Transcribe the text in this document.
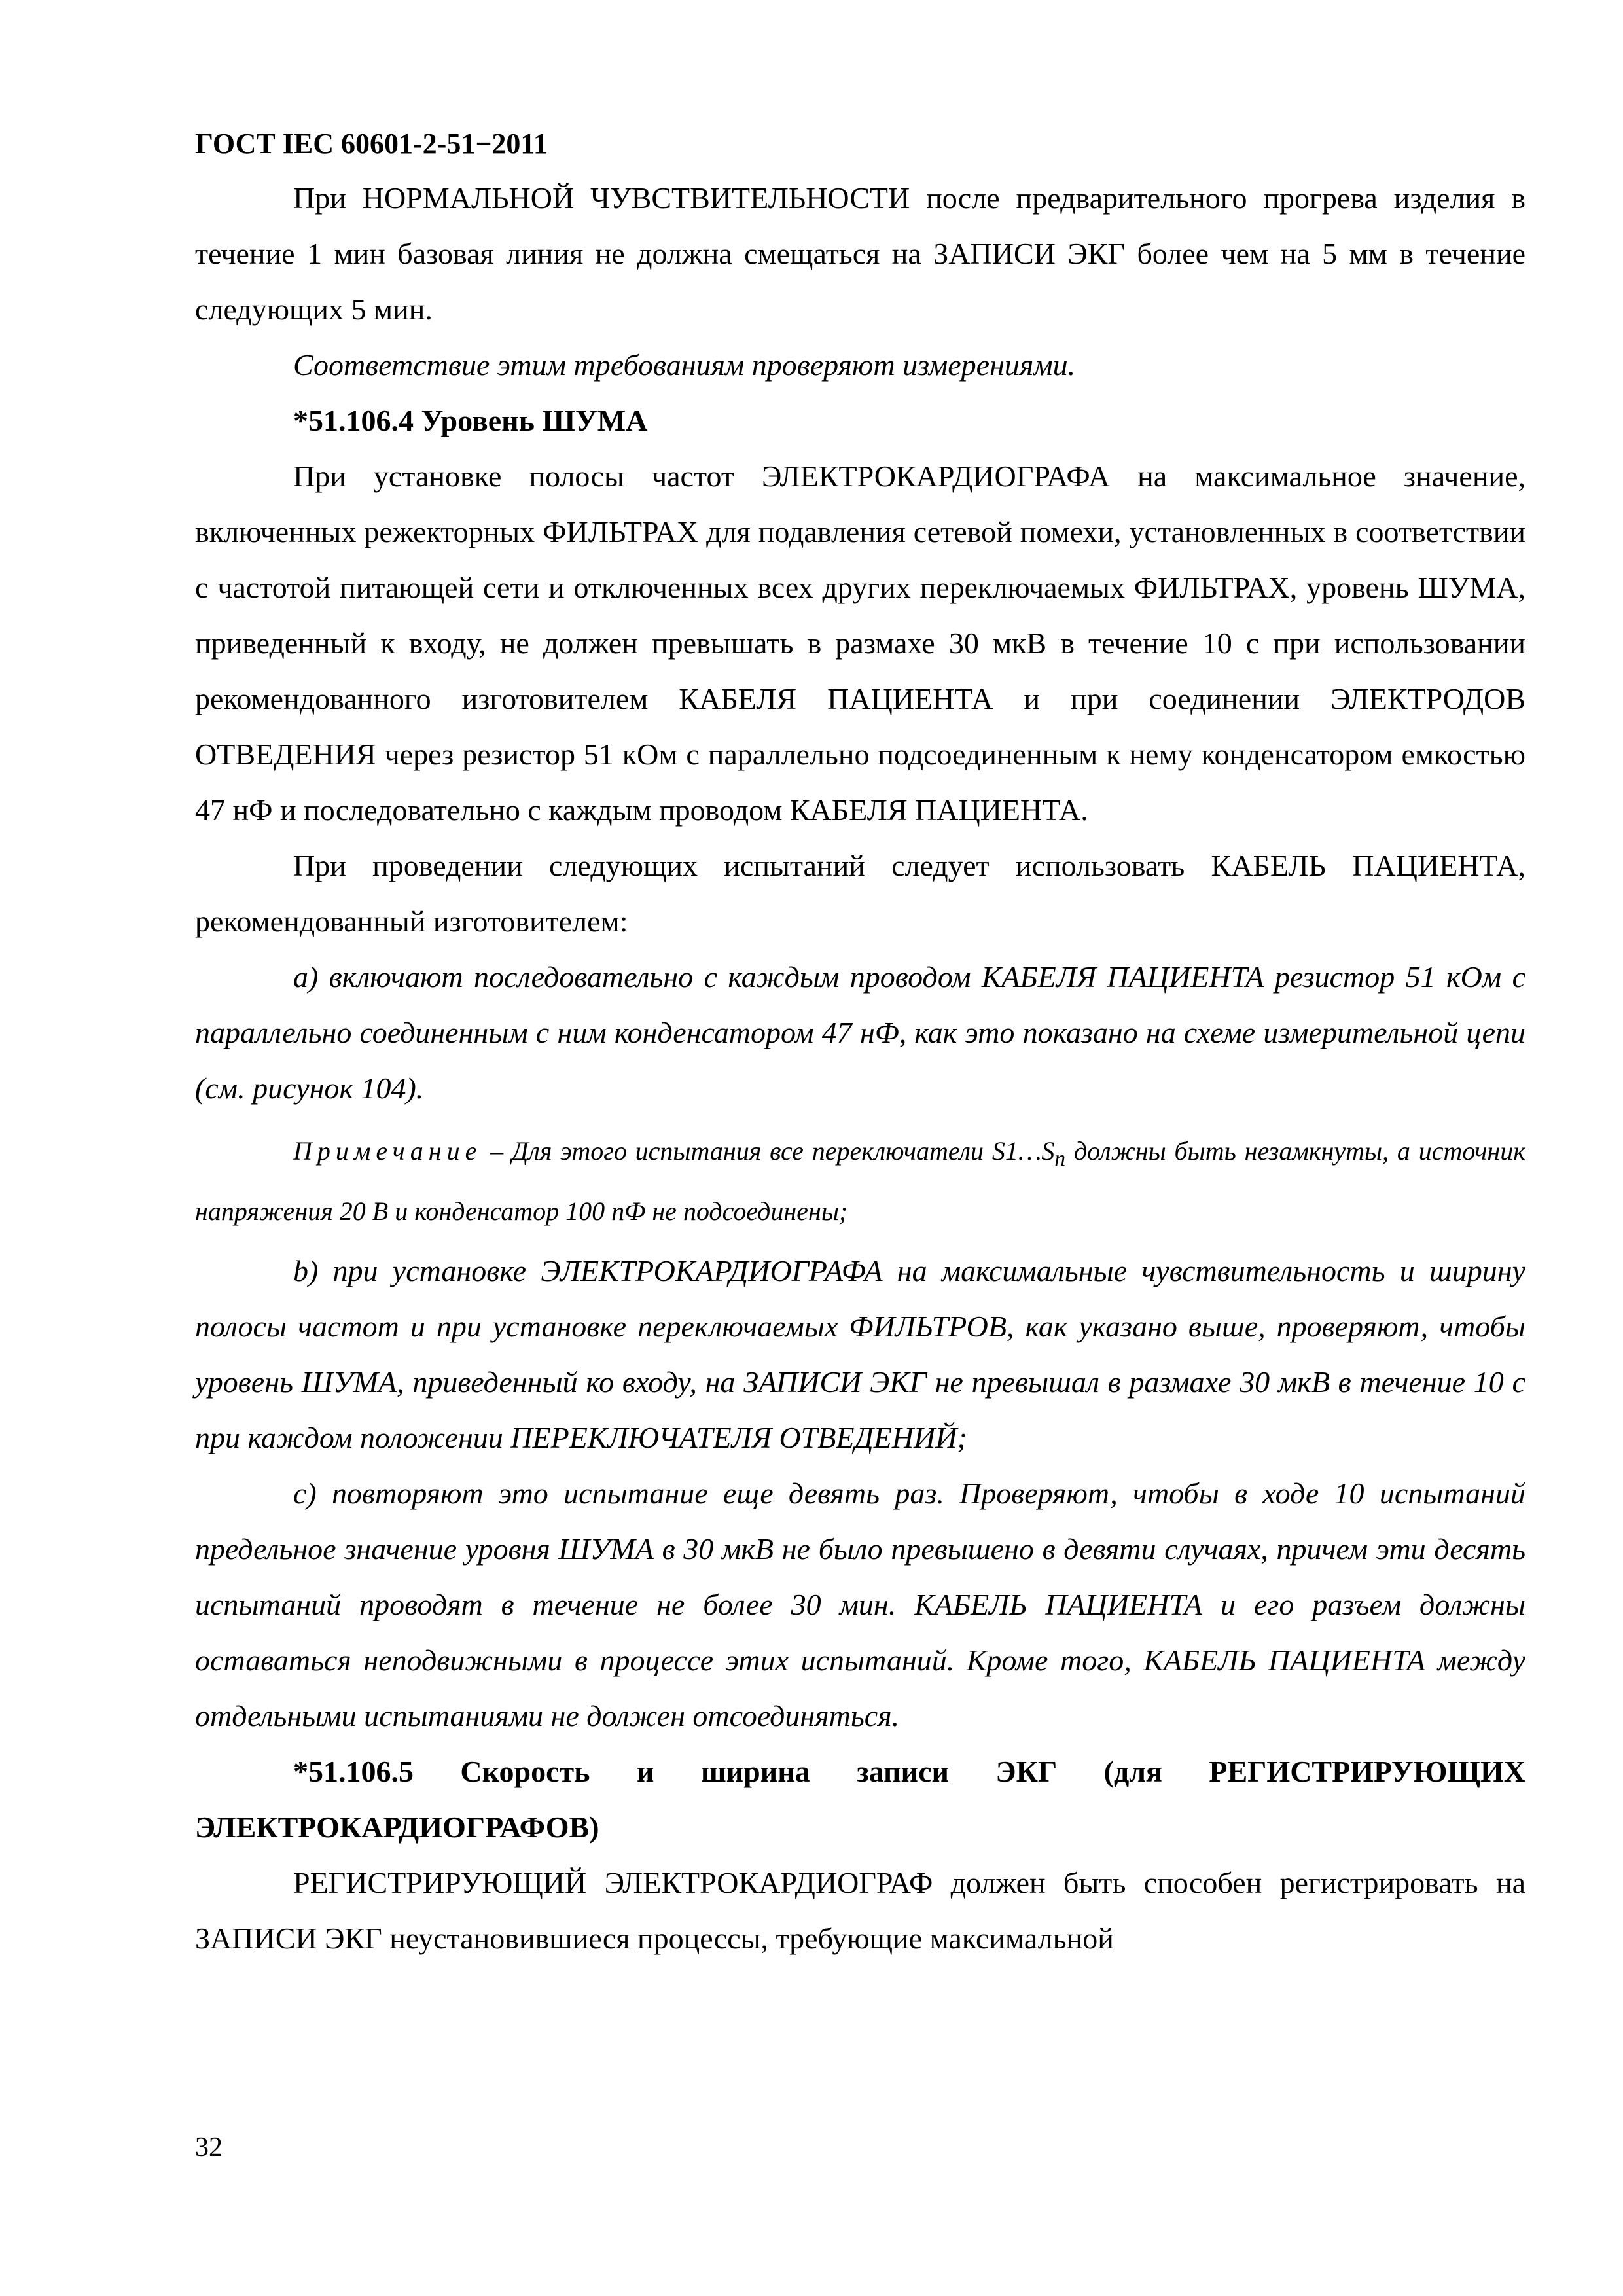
ГОСТ IEC 60601-2-51−2011

При НОРМАЛЬНОЙ ЧУВСТВИТЕЛЬНОСТИ после предварительного прогрева изделия в течение 1 мин базовая линия не должна смещаться на ЗАПИСИ ЭКГ более чем на 5 мм в течение следующих 5 мин.

Соответствие этим требованиям проверяют измерениями.

*51.106.4 Уровень ШУМА

При установке полосы частот ЭЛЕКТРОКАРДИОГРАФА на максимальное значение, включенных режекторных ФИЛЬТРАХ для подавления сетевой помехи, установленных в соответствии с частотой питающей сети и отключенных всех других переключаемых ФИЛЬТРАХ, уровень ШУМА, приведенный к входу, не должен превышать в размахе 30 мкВ в течение 10 с при использовании рекомендованного изготовителем КАБЕЛЯ ПАЦИЕНТА и при соединении ЭЛЕКТРОДОВ ОТВЕДЕНИЯ через резистор 51 кОм с параллельно подсоединенным к нему конденсатором емкостью 47 нФ и последовательно с каждым проводом КАБЕЛЯ ПАЦИЕНТА.

При проведении следующих испытаний следует использовать КАБЕЛЬ ПАЦИЕНТА, рекомендованный изготовителем:

а) включают последовательно с каждым проводом КАБЕЛЯ ПАЦИЕНТА резистор 51 кОм с параллельно соединенным с ним конденсатором 47 нФ, как это показано на схеме измерительной цепи (см. рисунок 104).

Примечание – Для этого испытания все переключатели $S1\dots S_n$ должны быть незамкнуты, а источник напряжения 20 В и конденсатор 100 пФ не подсоединены;

b) при установке ЭЛЕКТРОКАРДИОГРАФА на максимальные чувствительность и ширину полосы частот и при установке переключаемых ФИЛЬТРОВ, как указано выше, проверяют, чтобы уровень ШУМА, приведенный ко входу, на ЗАПИСИ ЭКГ не превышал в размахе 30 мкВ в течение 10 с при каждом положении ПЕРЕКЛЮЧАТЕЛЯ ОТВЕДЕНИЙ;

c) повторяют это испытание еще девять раз. Проверяют, чтобы в ходе 10 испытаний предельное значение уровня ШУМА в 30 мкВ не было превышено в девяти случаях, причем эти десять испытаний проводят в течение не более 30 мин. КАБЕЛЬ ПАЦИЕНТА и его разъем должны оставаться неподвижными в процессе этих испытаний. Кроме того, КАБЕЛЬ ПАЦИЕНТА между отдельными испытаниями не должен отсоединяться.

*51.106.5 Скорость и ширина записи ЭКГ (для РЕГИСТРИРУЮЩИХ ЭЛЕКТРОКАРДИОГРАФОВ)

РЕГИСТРИРУЮЩИЙ ЭЛЕКТРОКАРДИОГРАФ должен быть способен регистрировать на ЗАПИСИ ЭКГ неустановившиеся процессы, требующие максимальной

32
